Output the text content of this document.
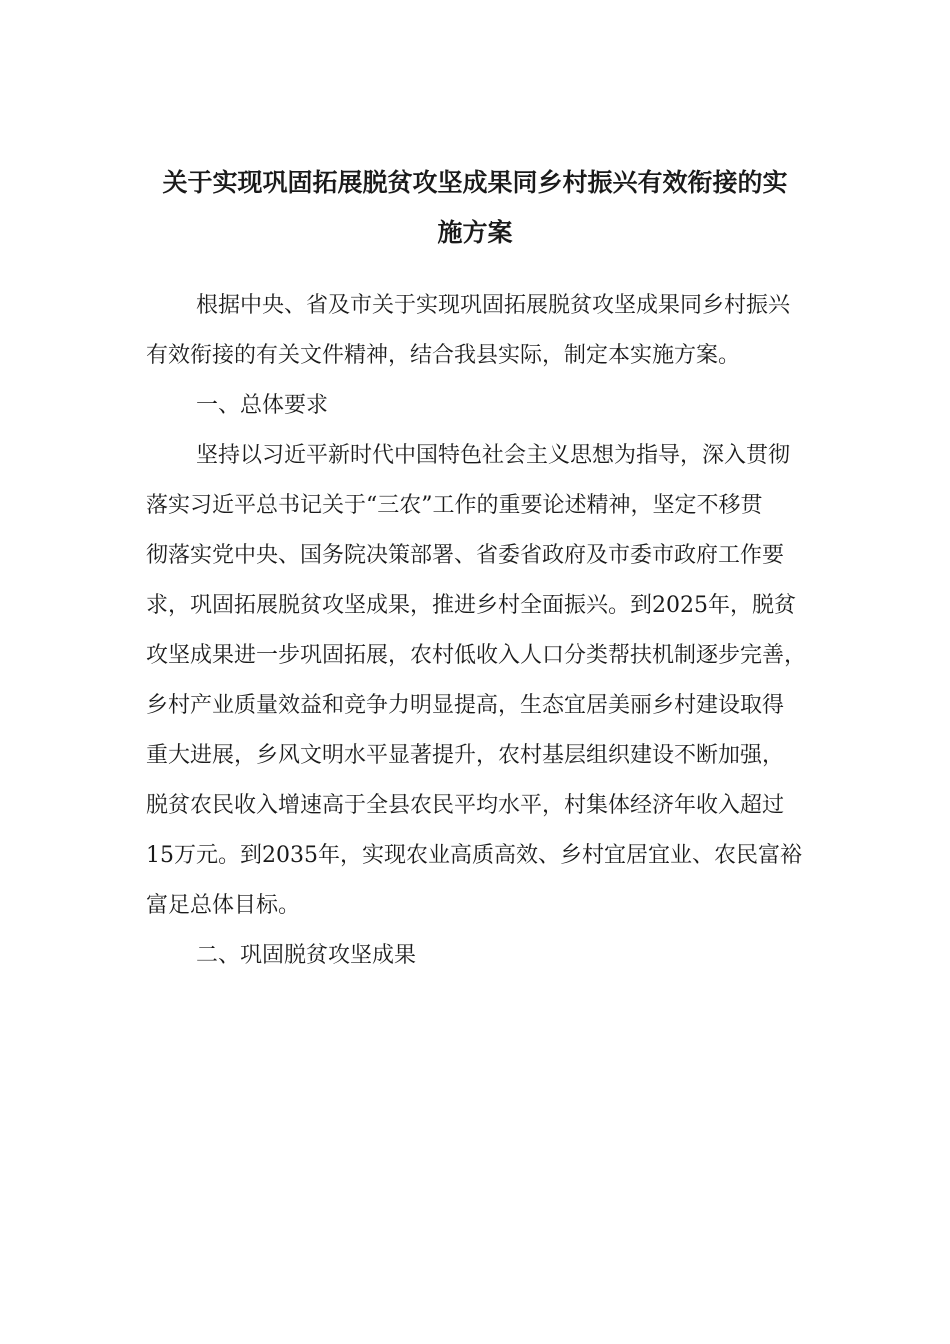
关于实现巩固拓展脱贫攻坚成果同乡村振兴有效衔接的实
施方案

根据中央、省及市关于实现巩固拓展脱贫攻坚成果同乡村振兴

有效衔接的有关文件精神，结合我县实际，制定本实施方案。

一、总体要求

坚持以习近平新时代中国特色社会主义思想为指导，深入贯彻

落实习近平总书记关于“三农”工作的重要论述精神，坚定不移贯

彻落实党中央、国务院决策部署、省委省政府及市委市政府工作要

求，巩固拓展脱贫攻坚成果，推进乡村全面振兴。到2025年，脱贫

攻坚成果进一步巩固拓展，农村低收入人口分类帮扶机制逐步完善，

乡村产业质量效益和竞争力明显提高，生态宜居美丽乡村建设取得

重大进展，乡风文明水平显著提升，农村基层组织建设不断加强，

脱贫农民收入增速高于全县农民平均水平，村集体经济年收入超过

15万元。到2035年，实现农业高质高效、乡村宜居宜业、农民富裕

富足总体目标。

二、巩固脱贫攻坚成果
